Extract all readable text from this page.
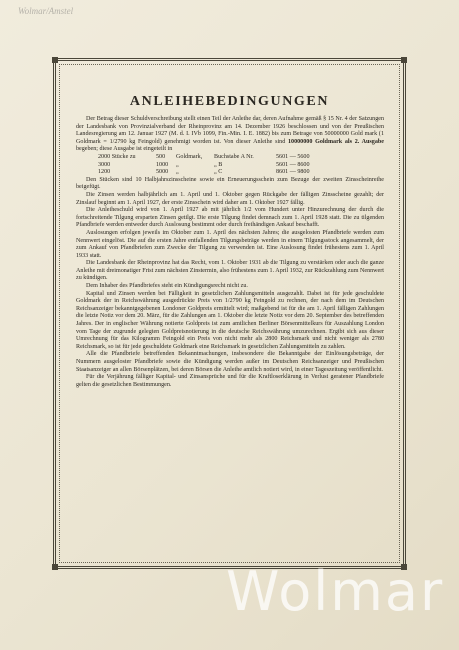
Wolmar/Amstel
ANLEIHEBEDINGUNGEN

Der Betrag dieser Schuldverschreibung stellt einen Teil der Anleihe dar, deren Aufnahme gemäß § 15 Nr. 4 der Satzungen der Landesbank von Provinzialverband der Rheinprovinz am 14. Dezember 1926 beschlossen und von der Preußischen Landesregierung am 12. Januar 1927 (M. d. I. IVb 1099, Fin.-Min. I. E. 1882) bis zum Betrage von 50000000 Gold mark (1 Goldmark = 1/2790 kg Feingold) genehmigt worden ist. Von dieser Anleihe sind 10000000 Goldmark als 2. Ausgabe begeben; diese Ausgabe ist eingeteilt in

2000 Stücke zu	500	Goldmark,	Buchstabe A Nr.	5601 — 5600
3000	1000	„	„ B	5601 — 8600
1200	5000	„	„ C	8601 — 9800

Den Stücken sind 10 Halbjahrszinsscheine sowie ein Erneuerungsschein zum Bezuge der zweiten Zinsscheinreihe beigefügt.

Die Zinsen werden halbjährlich am 1. April und 1. Oktober gegen Rückgabe der fälligen Zinsscheine gezahlt; der Zinslauf beginnt am 1. April 1927, der erste Zinsschein wird daher am 1. Oktober 1927 fällig.

Die Anleiheschuld wird von 1. April 1927 ab mit jährlich 1/2 vom Hundert unter Hinzurechnung der durch die fortschreitende Tilgung ersparten Zinsen getilgt. Die erste Tilgung findet demnach zum 1. April 1928 statt. Die zu tilgenden Pfandbriefe werden entweder durch Auslosung bestimmt oder durch freihändigen Ankauf beschafft.

Auslosungen erfolgen jeweils im Oktober zum 1. April des nächsten Jahres; die ausgelosten Pfandbriefe werden zum Nennwert eingelöst. Die auf die ersten Jahre entfallenden Tilgungsbeträge werden in einem Tilgungsstock angesammelt, der zum Ankauf von Pfandbriefen zum Zwecke der Tilgung zu verwenden ist. Eine Auslosung findet frühestens zum 1. April 1933 statt.

Die Landesbank der Rheinprovinz hat das Recht, vom 1. Oktober 1931 ab die Tilgung zu verstärken oder auch die ganze Anleihe mit dreimonatiger Frist zum nächsten Zinstermin, also frühestens zum 1. April 1932, zur Rückzahlung zum Nennwert zu kündigen.

Dem Inhaber des Pfandbriefes steht ein Kündigungsrecht nicht zu.

Kapital und Zinsen werden bei Fälligkeit in gesetzlichen Zahlungsmitteln ausgezahlt. Dabei ist für jede geschuldete Goldmark der in Reichswährung ausgedrückte Preis von 1/2790 kg Feingold zu rechnen, der nach dem im Deutschen Reichsanzeiger bekanntgegebenen Londoner Goldpreis ermittelt wird; maßgebend ist für die am 1. April fälligen Zahlungen die letzte Notiz vor dem 20. März, für die Zahlungen am 1. Oktober die letzte Notiz vor dem 20. September des betreffenden Jahres. Der in englischer Währung notierte Goldpreis ist zum amtlichen Berliner Börsenmittelkurs für Auszahlung London vom Tage der zugrunde gelegten Goldpreisnotierung in die deutsche Reichswährung umzurechnen. Ergibt sich aus dieser Umrechnung für das Kilogramm Feingold ein Preis von nicht mehr als 2800 Reichsmark und nicht weniger als 2780 Reichsmark, so ist für jede geschuldete Goldmark eine Reichsmark in gesetzlichen Zahlungsmitteln zu zahlen.

Alle die Pfandbriefe betreffenden Bekanntmachungen, insbesondere die Bekanntgabe der Einlösungsbeträge, der Nummern ausgeloster Pfandbriefe sowie die Kündigung werden außer im Deutschen Reichsanzeiger und Preußischen Staatsanzeiger an allen Börsenplätzen, bei deren Börsen die Anleihe amtlich notiert wird, in einer Tageszeitung veröffentlicht.

Für die Verjährung fälliger Kapital- und Zinsansprüche und für die Kraftloserklärung in Verlust geratener Pfandbriefe gelten die gesetzlichen Bestimmungen.

Wolmar
